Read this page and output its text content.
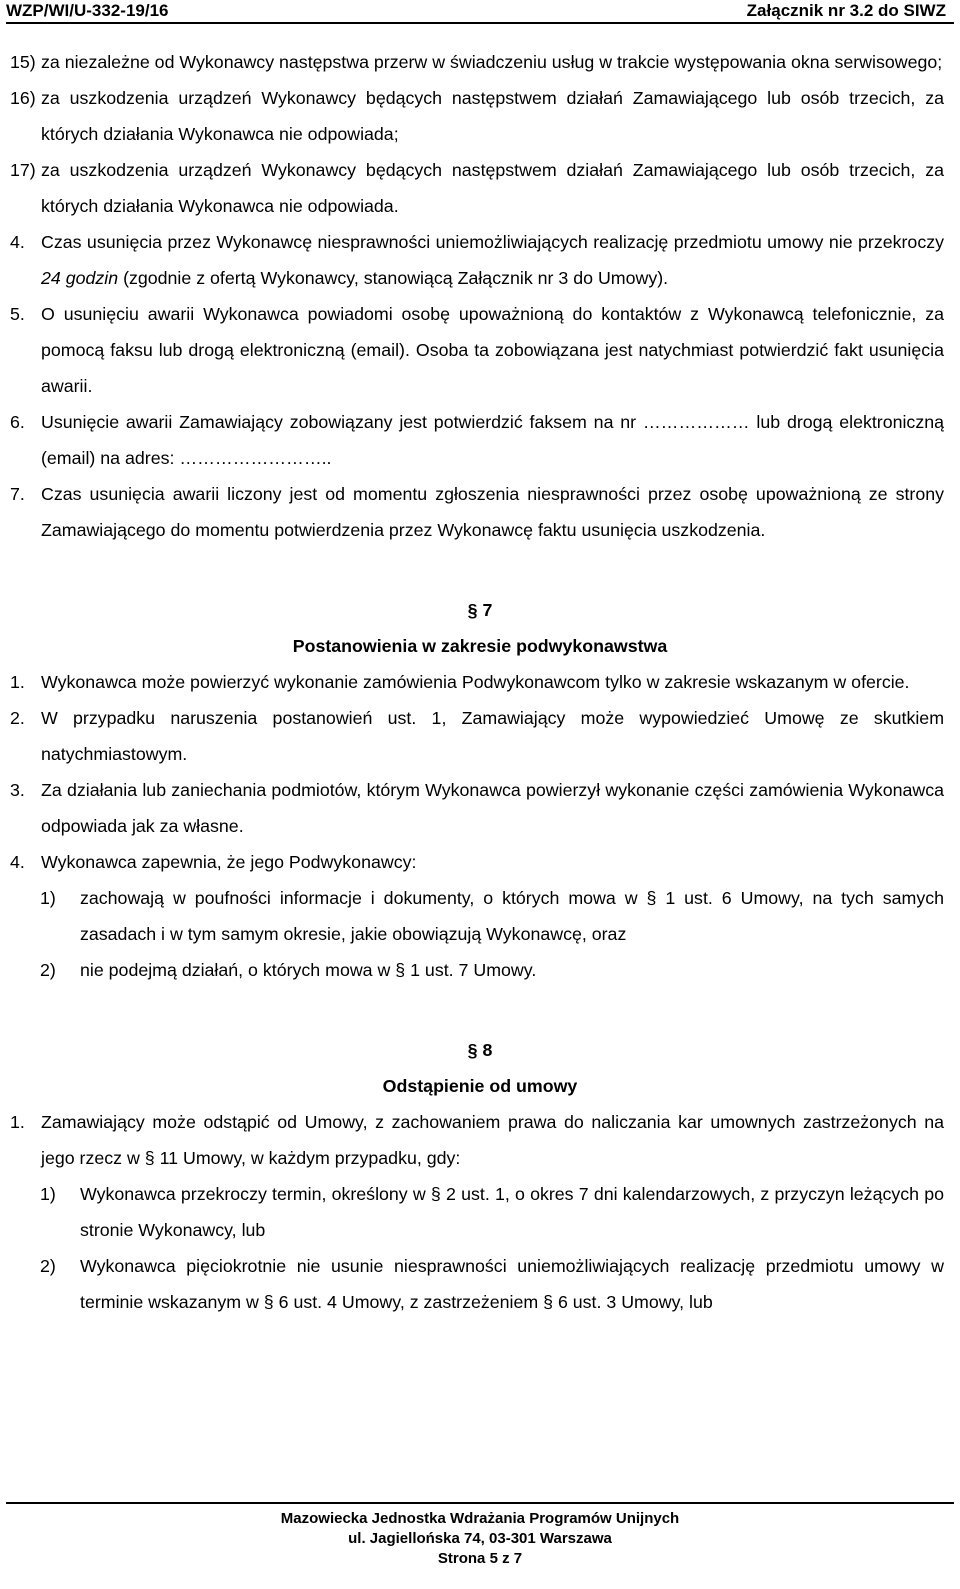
WZP/WI/U-332-19/16	Załącznik nr 3.2 do SIWZ
15) za niezależne od Wykonawcy następstwa przerw w świadczeniu usług w trakcie występowania okna serwisowego;
16) za uszkodzenia urządzeń Wykonawcy będących następstwem działań Zamawiającego lub osób trzecich, za których działania Wykonawca nie odpowiada;
17) za uszkodzenia urządzeń Wykonawcy będących następstwem działań Zamawiającego lub osób trzecich, za których działania Wykonawca nie odpowiada.
4. Czas usunięcia przez Wykonawcę niesprawności uniemożliwiających realizację przedmiotu umowy nie przekroczy 24 godzin (zgodnie z ofertą Wykonawcy, stanowiącą Załącznik nr 3 do Umowy).
5. O usunięciu awarii Wykonawca powiadomi osobę upoważnioną do kontaktów z Wykonawcą telefonicznie, za pomocą faksu lub drogą elektroniczną (email). Osoba ta zobowiązana jest natychmiast potwierdzić fakt usunięcia awarii.
6. Usunięcie awarii Zamawiający zobowiązany jest potwierdzić faksem na nr ……………… lub drogą elektroniczną (email) na adres: ……………………..
7. Czas usunięcia awarii liczony jest od momentu zgłoszenia niesprawności przez osobę upoważnioną ze strony Zamawiającego do momentu potwierdzenia przez Wykonawcę faktu usunięcia uszkodzenia.
§ 7
Postanowienia w zakresie podwykonawstwa
1. Wykonawca może powierzyć wykonanie zamówienia Podwykonawcom tylko w zakresie wskazanym w ofercie.
2. W przypadku naruszenia postanowień ust. 1, Zamawiający może wypowiedzieć Umowę ze skutkiem natychmiastowym.
3. Za działania lub zaniechania podmiotów, którym Wykonawca powierzył wykonanie części zamówienia Wykonawca odpowiada jak za własne.
4. Wykonawca zapewnia, że jego Podwykonawcy:
1) zachowają w poufności informacje i dokumenty, o których mowa w § 1 ust. 6 Umowy, na tych samych zasadach i w tym samym okresie, jakie obowiązują Wykonawcę, oraz
2) nie podejmą działań, o których mowa w § 1 ust. 7 Umowy.
§ 8
Odstąpienie od umowy
1. Zamawiający może odstąpić od Umowy, z zachowaniem prawa do naliczania kar umownych zastrzeżonych na jego rzecz w § 11 Umowy, w każdym przypadku, gdy:
1) Wykonawca przekroczy termin, określony w § 2 ust. 1, o okres 7 dni kalendarzowych, z przyczyn leżących po stronie Wykonawcy, lub
2) Wykonawca pięciokrotnie nie usunie niesprawności uniemożliwiających realizację przedmiotu umowy w terminie wskazanym w § 6 ust. 4 Umowy, z zastrzeżeniem § 6 ust. 3 Umowy, lub
Mazowiecka Jednostka Wdrażania Programów Unijnych
ul. Jagiellońska 74, 03-301 Warszawa
Strona 5 z 7
